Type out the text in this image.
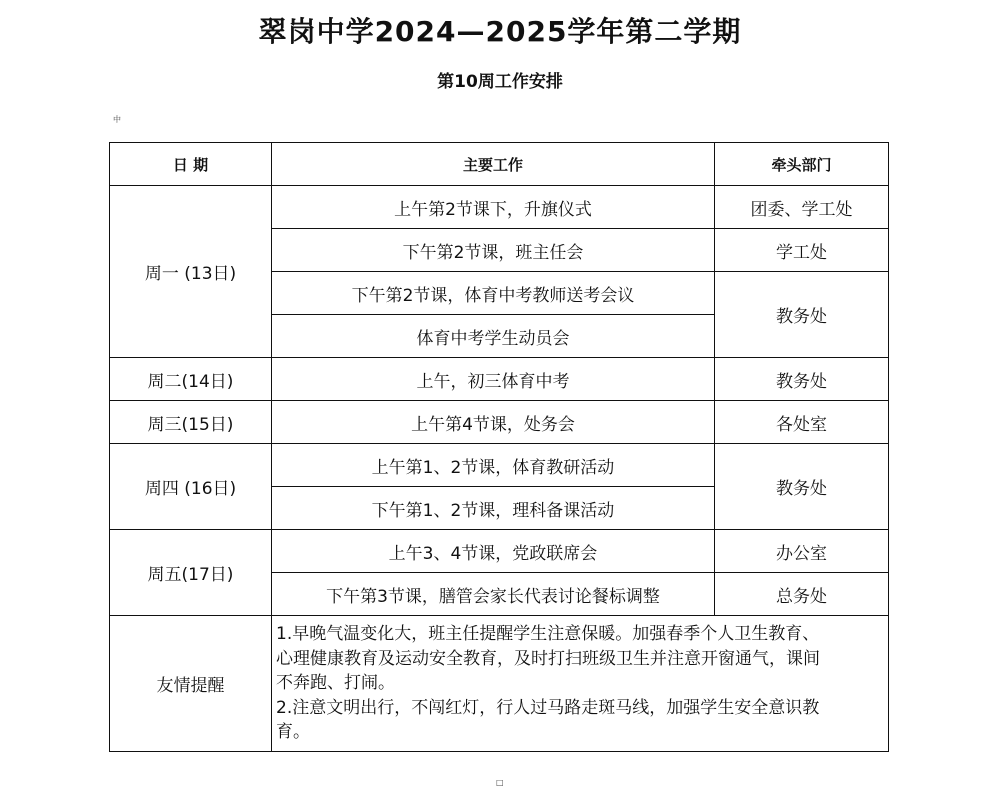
翠岗中学2024—2025学年第二学期
第10周工作安排
中
日 期	主要工作	牵头部门
周一 (13日)	上午第2节课下，升旗仪式	团委、学工处
	下午第2节课，班主任会	学工处
	下午第2节课，体育中考教师送考会议	教务处
	体育中考学生动员会	
周二(14日)	上午，初三体育中考	教务处
周三(15日)	上午第4节课，处务会	各处室
周四 (16日)	上午第1、2节课，体育教研活动	教务处
	下午第1、2节课，理科备课活动	
周五(17日)	上午3、4节课，党政联席会	办公室
	下午第3节课，膳管会家长代表讨论餐标调整	总务处
友情提醒	1.早晚气温变化大，班主任提醒学生注意保暖。加强春季个人卫生教育、
心理健康教育及运动安全教育，及时打扫班级卫生并注意开窗通气，课间
不奔跑、打闹。
2.注意文明出行，不闯红灯，行人过马路走斑马线，加强学生安全意识教
育。	
□
